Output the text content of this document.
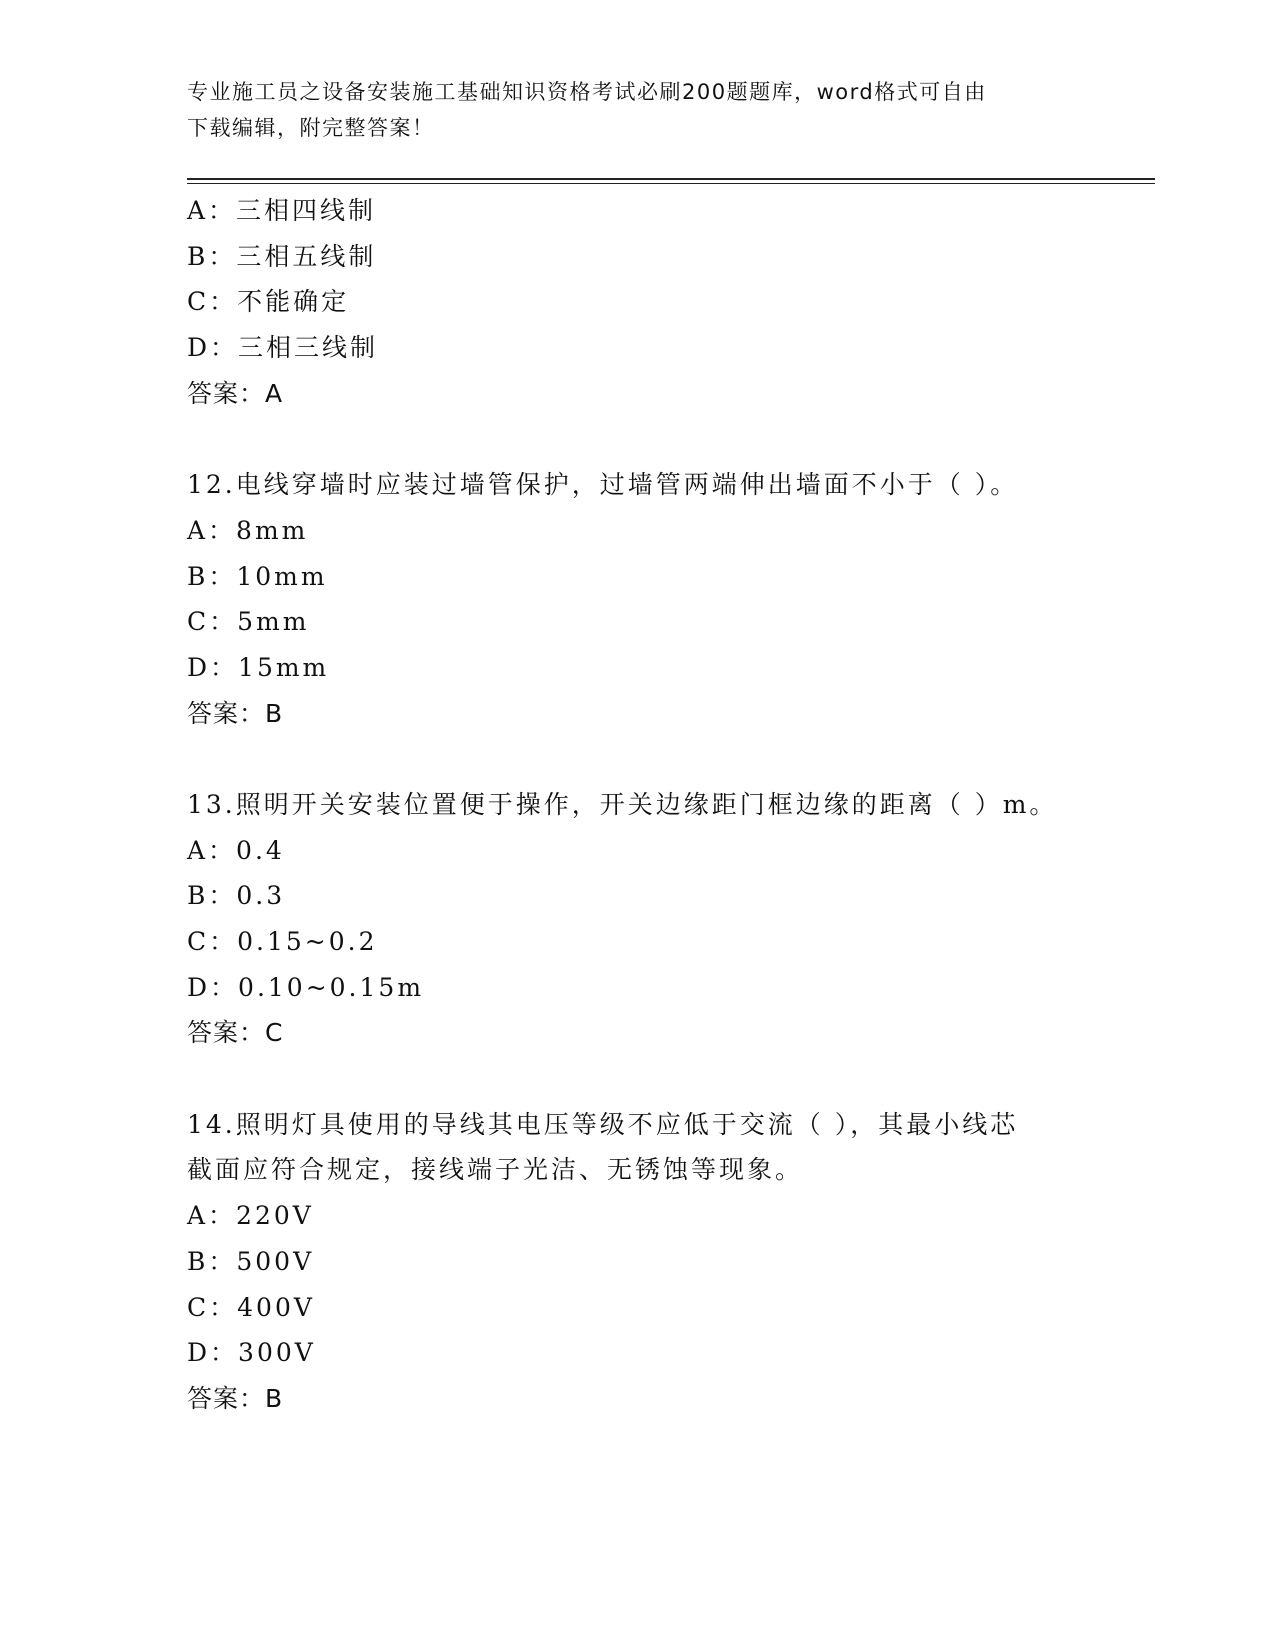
专业施工员之设备安装施工基础知识资格考试必刷200题题库，word格式可自由
下载编辑，附完整答案！
A：三相四线制
B：三相五线制
C：不能确定
D：三相三线制
答案：A
12.电线穿墙时应装过墙管保护，过墙管两端伸出墙面不小于（ ）。
A：8mm
B：10mm
C：5mm
D：15mm
答案：B
13.照明开关安装位置便于操作，开关边缘距门框边缘的距离（ ）m。
A：0.4
B：0.3
C：0.15~0.2
D：0.10~0.15m
答案：C
14.照明灯具使用的导线其电压等级不应低于交流（ ），其最小线芯
截面应符合规定，接线端子光洁、无锈蚀等现象。
A：220V
B：500V
C：400V
D：300V
答案：B
